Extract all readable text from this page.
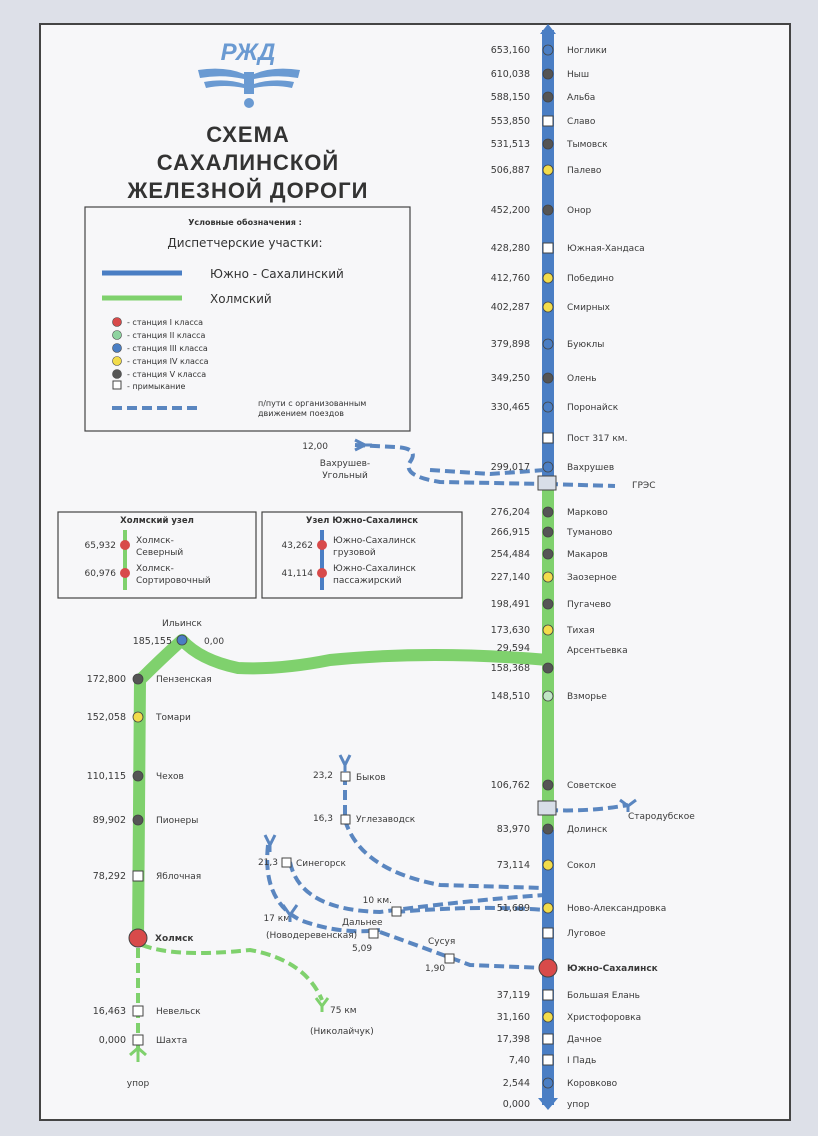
РЖД
СХЕМА
САХАЛИНСКОЙ
ЖЕЛЕЗНОЙ ДОРОГИ
Условные обозначения :
Диспетчерские участки:
Южно - Сахалинский
Холмский
- станция I класса
- станция II класса
- станция III класса
- станция IV класса
- станция V класса
- примыкание
п/пути с организованным
движением поездов
Холмский узел
65,932 Холмск-
Северный
60,976 Холмск-
Сортировочный
Узел Южно-Сахалинск
43,262 Южно-Сахалинск
грузовой
41,114 Южно-Сахалинск
пассажирский
653,160	Ноглики
610,038	Ныш
588,150	Альба
553,850	Славо
531,513	Тымовск
506,887	Палево
452,200	Онор
428,280	Южная-Хандаса
412,760	Победино
402,287	Смирных
379,898	Буюклы
349,250	Олень
330,465	Поронайск
Пост 317 км.
299,017	Вахрушев
ГРЭС
276,204	Марково
266,915	Туманово
254,484	Макаров
227,140	Заозерное
198,491	Пугачево
173,630	Тихая
29,594	Арсентьевка
158,368
148,510	Взморье
106,762	Советское
Стародубское
83,970	Долинск
73,114	Сокол
51,689	Ново-Александровка
Луговое
Южно-Сахалинск
37,119	Большая Елань
31,160	Христофоровка
17,398	Дачное
7,40	I Падь
2,544	Коровково
0,000	упор
185,155
Ильинск
0,00
172,800	Пензенская
152,058	Томари
110,115	Чехов
89,902	Пионеры
78,292	Яблочная
Холмск
16,463	Невельск
0,000	Шахта
упор
12,00
Вахрушев-
Угольный
23,2	Быков
16,3	Углезаводск
21,3 Синегорск
10 км.
17 км
(Новодеревенская)
Дальнее
5,09
Сусуя
1,90
75 км
(Николайчук)
